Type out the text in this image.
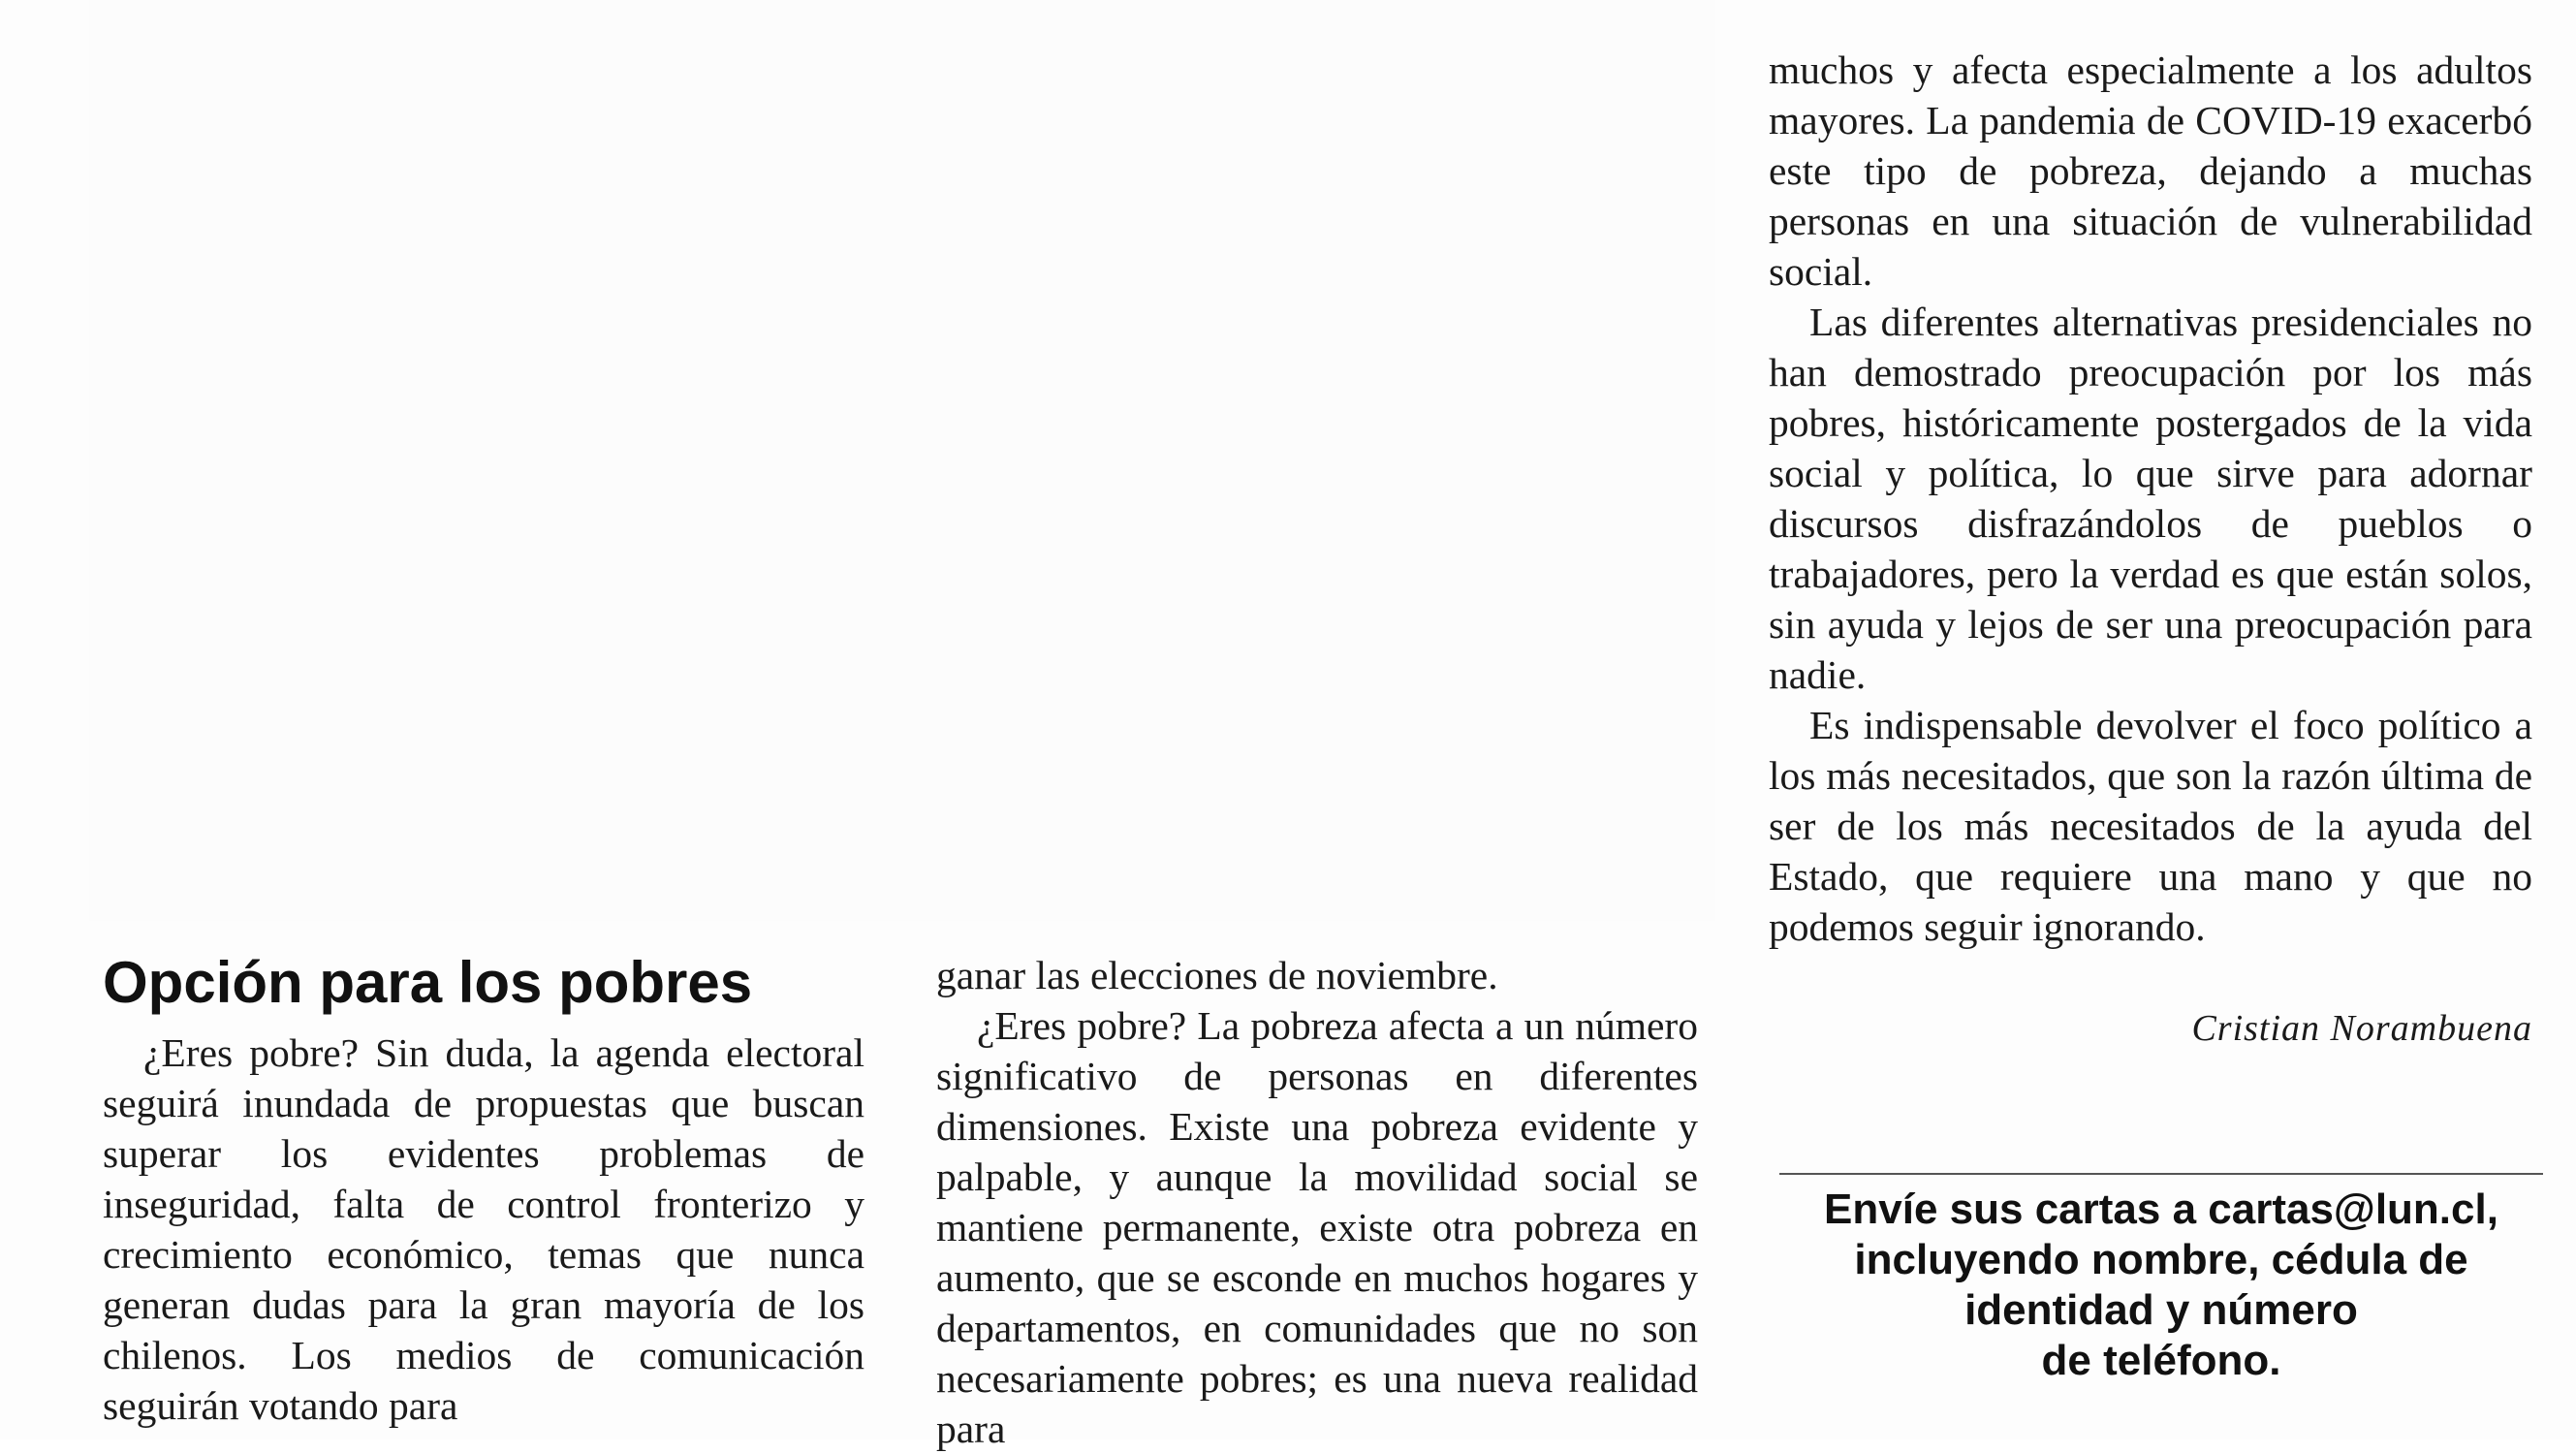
Opción para los pobres

¿Eres pobre? Sin duda, la agenda electoral seguirá inundada de propuestas que buscan superar los evidentes problemas de inseguridad, falta de control fronterizo y crecimiento económico, temas que nunca generan dudas para la gran mayoría de los chilenos. Los medios de comunicación seguirán votando para

ganar las elecciones de noviembre.

¿Eres pobre? La pobreza afecta a un número significativo de personas en diferentes dimensiones. Existe una pobreza evidente y palpable, y aunque la movilidad social se mantiene permanente, existe otra pobreza en aumento, que se esconde en muchos hogares y departamentos, en comunidades que no son necesariamente pobres; es una nueva realidad para

muchos y afecta especialmente a los adultos mayores. La pandemia de COVID-19 exacerbó este tipo de pobreza, dejando a muchas personas en una situación de vulnerabilidad social.

Las diferentes alternativas presidenciales no han demostrado preocupación por los más pobres, históricamente postergados de la vida social y política, lo que sirve para adornar discursos disfrazándolos de pueblos o trabajadores, pero la verdad es que están solos, sin ayuda y lejos de ser una preocupación para nadie.

Es indispensable devolver el foco político a los más necesitados, que son la razón última de ser de los más necesitados de la ayuda del Estado, que requiere una mano y que no podemos seguir ignorando.

Cristian Norambuena
Envíe sus cartas a cartas@lun.cl,
incluyendo nombre, cédula de
identidad y número
de teléfono.
